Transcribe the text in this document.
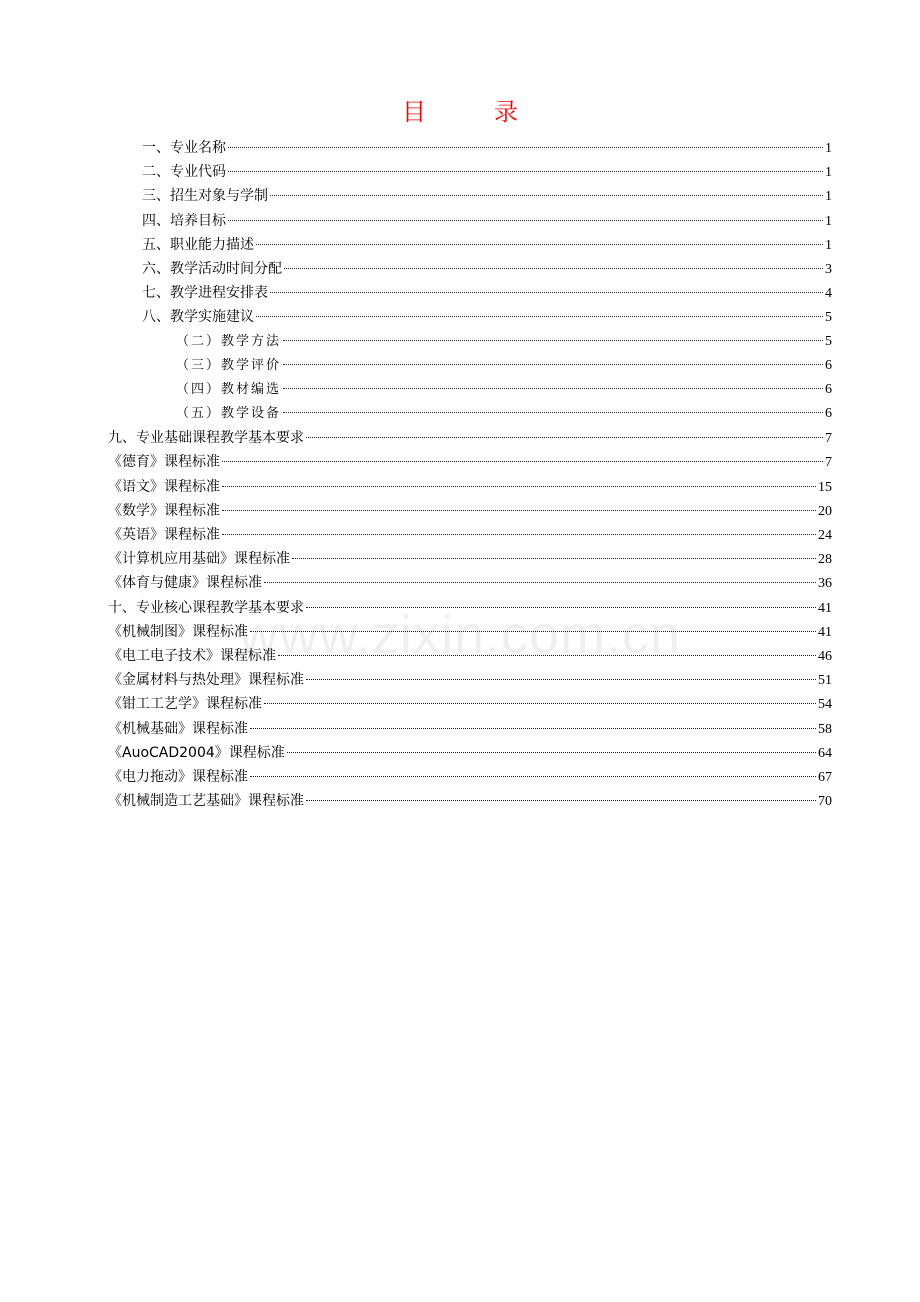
目　录
一、专业名称	1
二、专业代码	1
三、招生对象与学制	1
四、培养目标	1
五、职业能力描述	1
六、教学活动时间分配	3
七、教学进程安排表	4
八、教学实施建议	5
（二）教学方法	5
（三）教学评价	6
（四）教材编选	6
（五）教学设备	6
九、专业基础课程教学基本要求	7
《德育》课程标准	7
《语文》课程标准	15
《数学》课程标准	20
《英语》课程标准	24
《计算机应用基础》课程标准	28
《体育与健康》课程标准	36
十、专业核心课程教学基本要求	41
《机械制图》课程标准	41
《电工电子技术》课程标准	46
《金属材料与热处理》课程标准	51
《钳工工艺学》课程标准	54
《机械基础》课程标准	58
《AuoCAD2004》课程标准	64
《电力拖动》课程标准	67
《机械制造工艺基础》课程标准	70
www.zixin.com.cn
